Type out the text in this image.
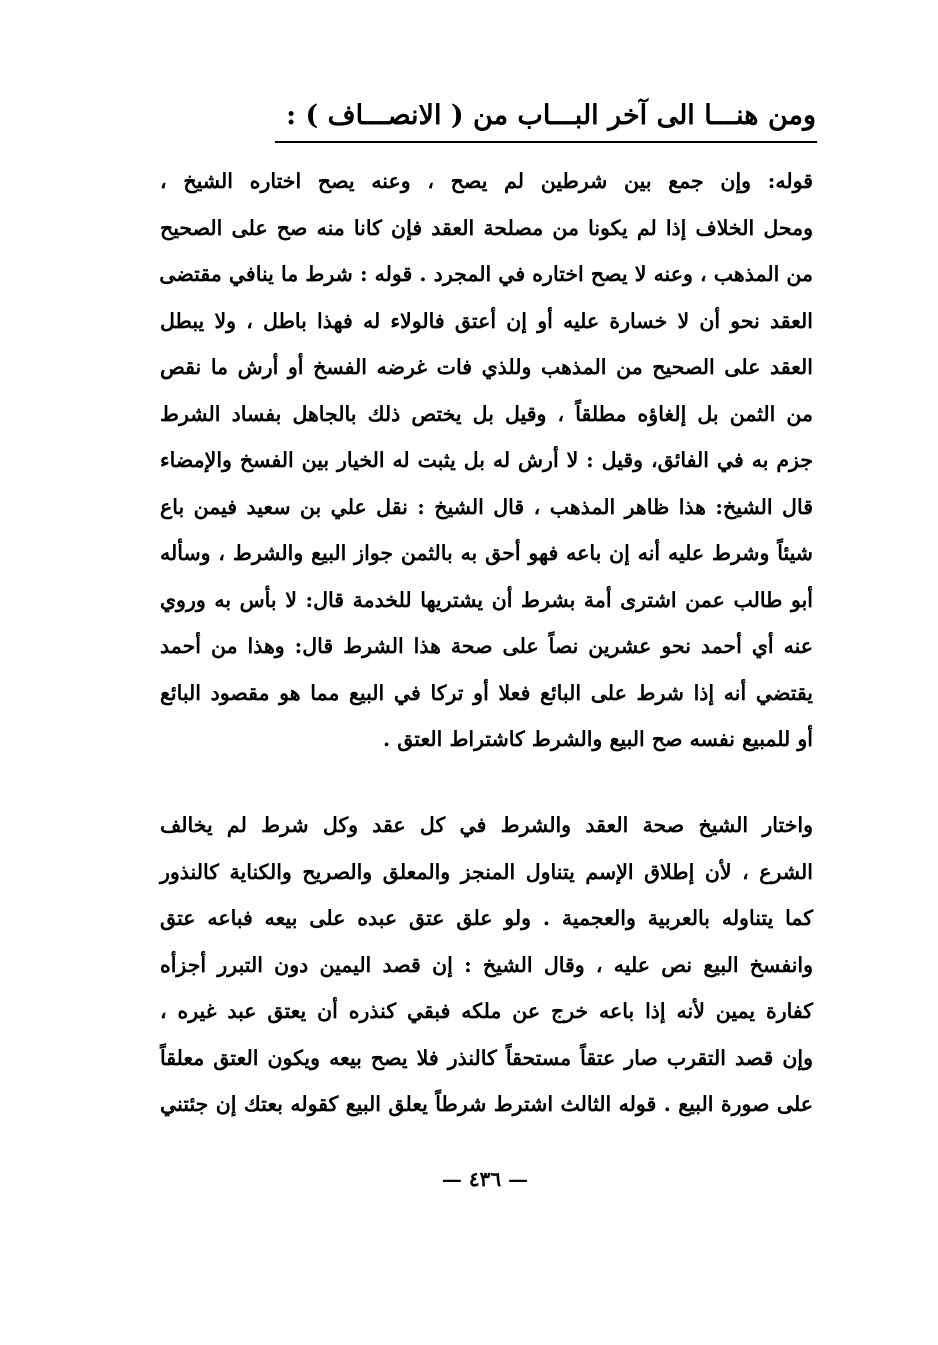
ومن هنـــا الى آخر البـــاب من ( الانصـــاف ) :
قوله: وإن جمع بين شرطين لم يصح ، وعنه يصح اختاره الشيخ ،
ومحل الخلاف إذا لم يكونا من مصلحة العقد فإن كانا منه صح على الصحيح
من المذهب ، وعنه لا يصح اختاره في المجرد . قوله : شرط ما ينافي مقتضى
العقد نحو أن لا خسارة عليه أو إن أعتق فالولاء له فهذا باطل ، ولا يبطل
العقد على الصحيح من المذهب وللذي فات غرضه الفسخ أو أرش ما نقص
من الثمن بل إلغاؤه مطلقاً ، وقيل بل يختص ذلك بالجاهل بفساد الشرط
جزم به في الفائق، وقيل : لا أرش له بل يثبت له الخيار بين الفسخ والإمضاء
قال الشيخ: هذا ظاهر المذهب ، قال الشيخ : نقل علي بن سعيد فيمن باع
شيئاً وشرط عليه أنه إن باعه فهو أحق به بالثمن جواز البيع والشرط ، وسأله
أبو طالب عمن اشترى أمة بشرط أن يشتريها للخدمة قال: لا بأس به وروي
عنه أي أحمد نحو عشرين نصاً على صحة هذا الشرط قال: وهذا من أحمد
يقتضي أنه إذا شرط على البائع فعلا أو تركا في البيع مما هو مقصود البائع
أو للمبيع نفسه صح البيع والشرط كاشتراط العتق .
واختار الشيخ صحة العقد والشرط في كل عقد وكل شرط لم يخالف
الشرع ، لأن إطلاق الإسم يتناول المنجز والمعلق والصريح والكناية كالنذور
كما يتناوله بالعربية والعجمية . ولو علق عتق عبده على بيعه فباعه عتق
وانفسخ البيع نص عليه ، وقال الشيخ : إن قصد اليمين دون التبرر أجزأه
كفارة يمين لأنه إذا باعه خرج عن ملكه فبقي كنذره أن يعتق عبد غيره ،
وإن قصد التقرب صار عتقاً مستحقاً كالنذر فلا يصح بيعه ويكون العتق معلقاً
على صورة البيع . قوله الثالث اشترط شرطاً يعلق البيع كقوله بعتك إن جئتني
— ٤٣٦ —
